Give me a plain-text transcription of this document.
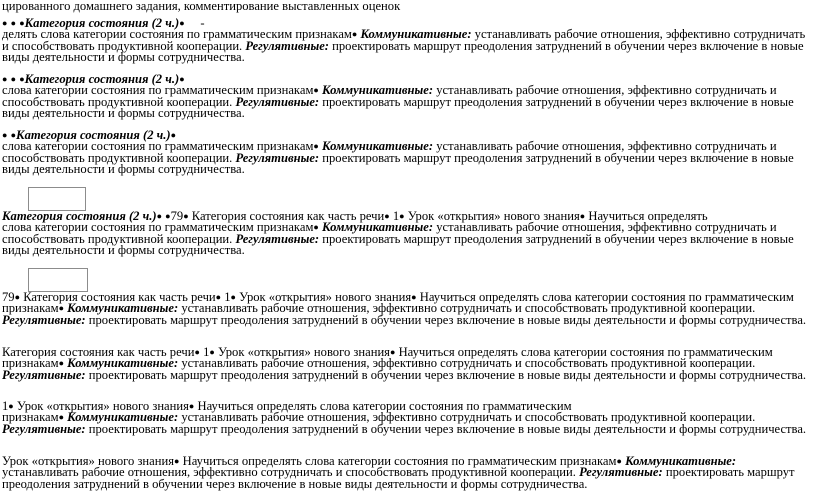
цированного домашнего задания, комментирование выставленных оценок

● ● ●Категория состояния (2 ч.)● -

делять слова категории состояния по грамматическим признакам● Коммуникативные: устанавливать рабочие отношения, эффективно сотрудничать и способствовать продуктивной кооперации. Регулятивные: проектировать маршрут преодоления затруднений в обучении через включение в новые виды деятельности и формы сотрудничества.

● ● ●Категория состояния (2 ч.)●

слова категории состояния по грамматическим признакам● Коммуникативные: устанавливать рабочие отношения, эффективно сотрудничать и способствовать продуктивной кооперации. Регулятивные: проектировать маршрут преодоления затруднений в обучении через включение в новые виды деятельности и формы сотрудничества.

● ●Категория состояния (2 ч.)●

слова категории состояния по грамматическим признакам● Коммуникативные: устанавливать рабочие отношения, эффективно сотрудничать и способствовать продуктивной кооперации. Регулятивные: проектировать маршрут преодоления затруднений в обучении через включение в новые виды деятельности и формы сотрудничества.

Категория состояния (2 ч.)● ●79● Категория состояния как часть речи● 1● Урок «открытия» нового знания● Научиться определять

слова категории состояния по грамматическим признакам● Коммуникативные: устанавливать рабочие отношения, эффективно сотрудничать и способствовать продуктивной кооперации. Регулятивные: проектировать маршрут преодоления затруднений в обучении через включение в новые виды деятельности и формы сотрудничества.

79● Категория состояния как часть речи● 1● Урок «открытия» нового знания● Научиться определять слова категории состояния по грамматическим признакам● Коммуникативные: устанавливать рабочие отношения, эффективно сотрудничать и способствовать продуктивной кооперации. Регулятивные: проектировать маршрут преодоления затруднений в обучении через включение в новые виды деятельности и формы сотрудничества.

Категория состояния как часть речи● 1● Урок «открытия» нового знания● Научиться определять слова категории состояния по грамматическим признакам● Коммуникативные: устанавливать рабочие отношения, эффективно сотрудничать и способствовать продуктивной кооперации. Регулятивные: проектировать маршрут преодоления затруднений в обучении через включение в новые виды деятельности и формы сотрудничества.

1● Урок «открытия» нового знания● Научиться определять слова категории состояния по грамматическим

признакам● Коммуникативные: устанавливать рабочие отношения, эффективно сотрудничать и способствовать продуктивной кооперации. Регулятивные: проектировать маршрут преодоления затруднений в обучении через включение в новые виды деятельности и формы сотрудничества.

Урок «открытия» нового знания● Научиться определять слова категории состояния по грамматическим признакам● Коммуникативные: устанавливать рабочие отношения, эффективно сотрудничать и способствовать продуктивной кооперации. Регулятивные: проектировать маршрут преодоления затруднений в обучении через включение в новые виды деятельности и формы сотрудничества.
